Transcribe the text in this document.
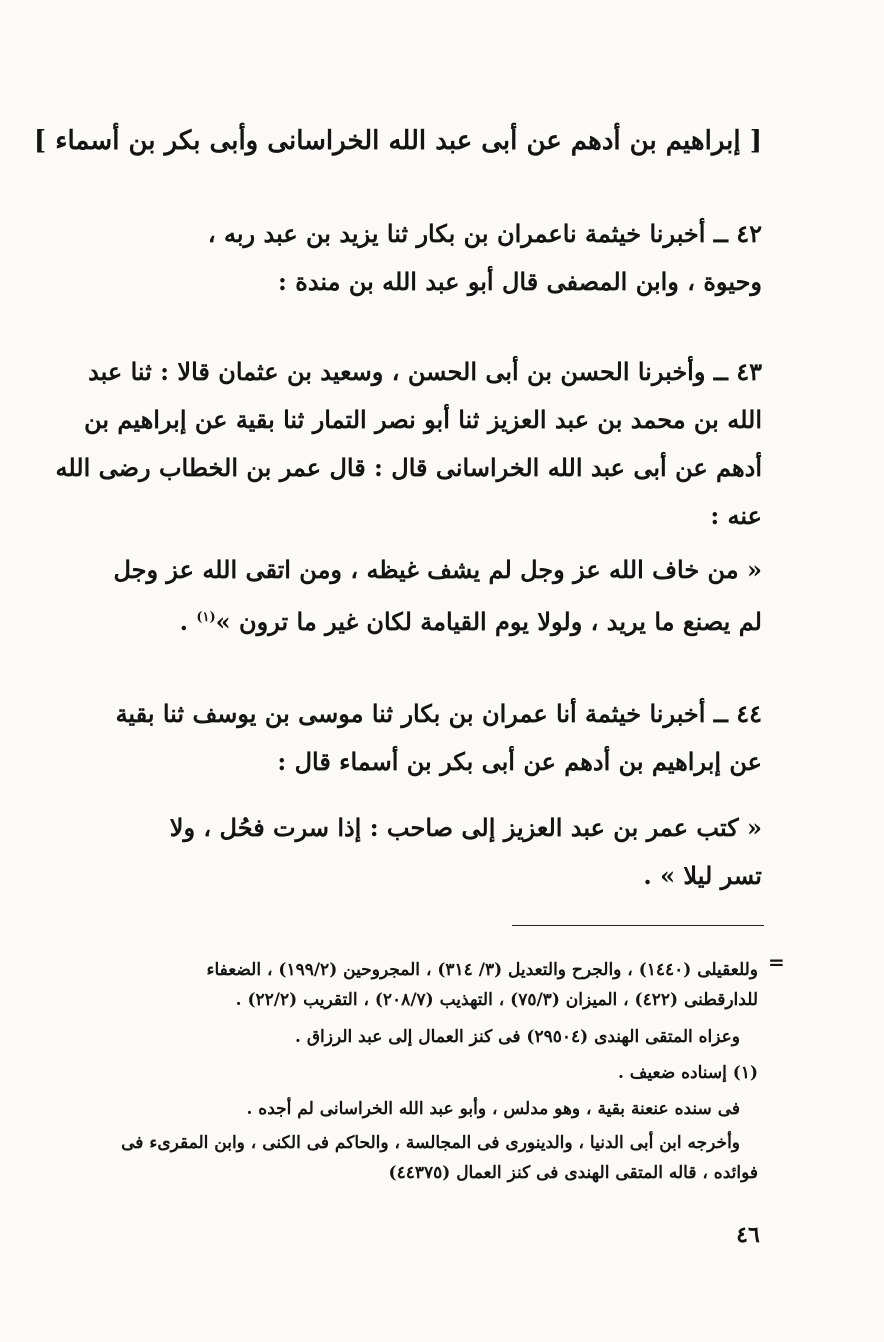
[ إبراهيم بن أدهم عن أبى عبد الله الخراسانى وأبى بكر بن أسماء ]
٤٢ ــ أخبرنا خيثمة ناعمران بن بكار ثنا يزيد بن عبد ربه ،
وحيوة ، وابن المصفى قال أبو عبد الله بن مندة :
٤٣ ــ وأخبرنا الحسن بن أبى الحسن ، وسعيد بن عثمان قالا : ثنا عبد
الله بن محمد بن عبد العزيز ثنا أبو نصر التمار ثنا بقية عن إبراهيم بن
أدهم عن أبى عبد الله الخراسانى قال : قال عمر بن الخطاب رضى الله
عنه :
« من خاف الله عز وجل لم يشف غيظه ، ومن اتقى الله عز وجل
لم يصنع ما يريد ، ولولا يوم القيامة لكان غير ما ترون »$^{(١)}$ .
٤٤ ــ أخبرنا خيثمة أنا عمران بن بكار ثنا موسى بن يوسف ثنا بقية
عن إبراهيم بن أدهم عن أبى بكر بن أسماء قال :
« كتب عمر بن عبد العزيز إلى صاحب : إذا سرت فحُل ، ولا
تسر ليلا » .
=
وللعقيلى (١٤٤٠) ، والجرح والتعديل (٣/ ٣١٤) ، المجروحين (١٩٩/٢) ، الضعفاء
للدارقطنى (٤٢٢) ، الميزان (٧٥/٣) ، التهذيب (٢٠٨/٧) ، التقريب (٢٢/٢) .
وعزاه المتقى الهندى (٢٩٥٠٤) فى كنز العمال إلى عبد الرزاق .
(١) إسناده ضعيف .
فى سنده عنعنة بقية ، وهو مدلس ، وأبو عبد الله الخراسانى لم أجده .
وأخرجه ابن أبى الدنيا ، والدينورى فى المجالسة ، والحاكم فى الكنى ، وابن المقرىء فى
فوائده ، قاله المتقى الهندى فى كنز العمال (٤٤٣٧٥)
٤٦
